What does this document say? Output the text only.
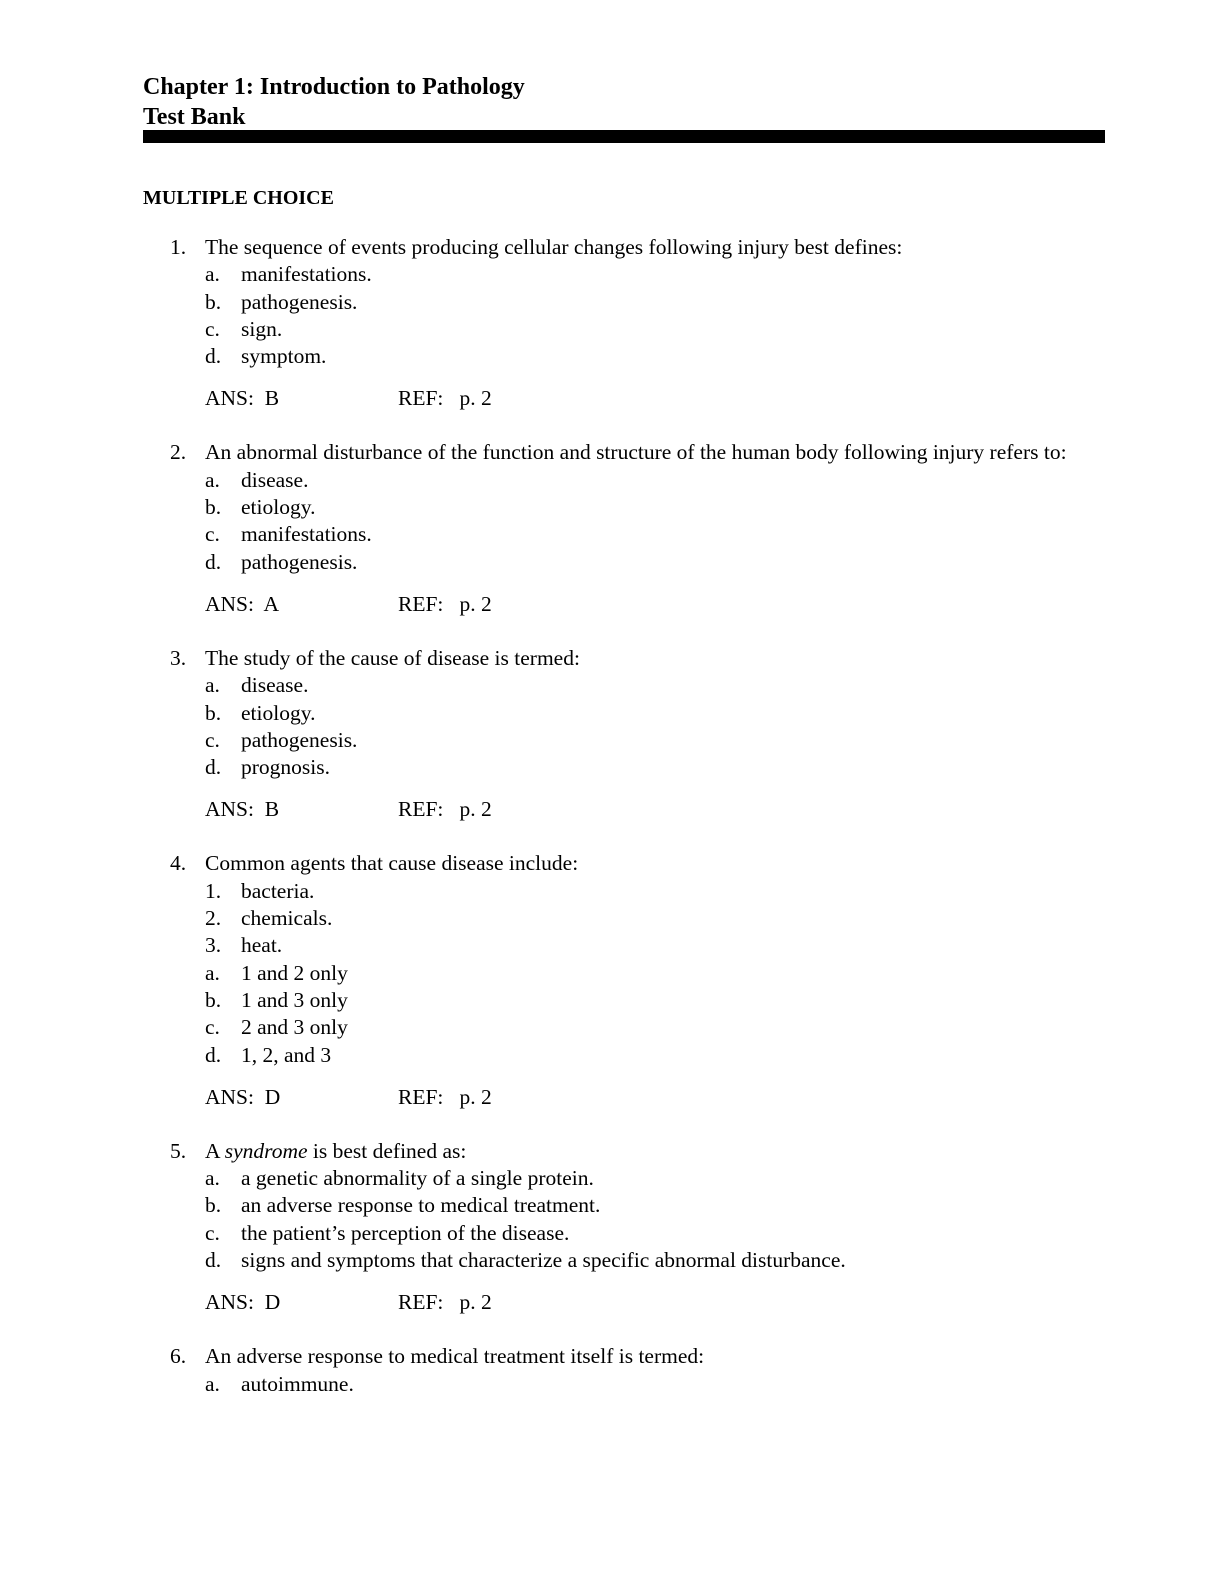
Chapter 1: Introduction to Pathology
Test Bank
MULTIPLE CHOICE
1. The sequence of events producing cellular changes following injury best defines:
a. manifestations.
b. pathogenesis.
c. sign.
d. symptom.
ANS:  B	REF:   p. 2
2. An abnormal disturbance of the function and structure of the human body following injury refers to:
a. disease.
b. etiology.
c. manifestations.
d. pathogenesis.
ANS:  A	REF:   p. 2
3. The study of the cause of disease is termed:
a. disease.
b. etiology.
c. pathogenesis.
d. prognosis.
ANS:  B	REF:   p. 2
4. Common agents that cause disease include:
1. bacteria.
2. chemicals.
3. heat.
a. 1 and 2 only
b. 1 and 3 only
c. 2 and 3 only
d. 1, 2, and 3
ANS:  D	REF:   p. 2
5. A syndrome is best defined as:
a. a genetic abnormality of a single protein.
b. an adverse response to medical treatment.
c. the patient’s perception of the disease.
d. signs and symptoms that characterize a specific abnormal disturbance.
ANS:  D	REF:   p. 2
6. An adverse response to medical treatment itself is termed:
a. autoimmune.
